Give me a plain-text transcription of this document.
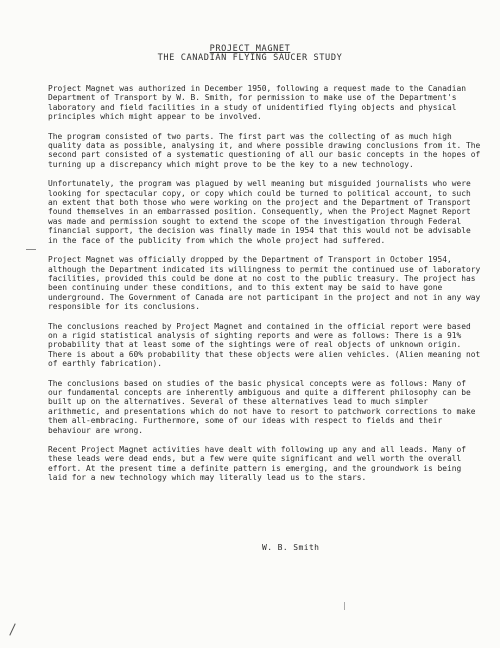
PROJECT MAGNET
THE CANADIAN FLYING SAUCER STUDY

Project Magnet was authorized in December 1950, following a request made to the Canadian Department of Transport by W. B. Smith, for permission to make use of the Department's laboratory and field facilities in a study of unidentified flying objects and physical principles which might appear to be involved.

The program consisted of two parts. The first part was the collecting of as much high quality data as possible, analysing it, and where possible drawing conclusions from it. The second part consisted of a systematic questioning of all our basic concepts in the hopes of turning up a discrepancy which might prove to be the key to a new technology.

Unfortunately, the program was plagued by well meaning but misguided journalists who were looking for spectacular copy, or copy which could be turned to political account, to such an extent that both those who were working on the project and the Department of Transport found themselves in an embarrassed position. Consequently, when the Project Magnet Report was made and permission sought to extend the scope of the investigation through Federal financial support, the decision was finally made in 1954 that this would not be advisable in the face of the publicity from which the whole project had suffered.

Project Magnet was officially dropped by the Department of Transport in October 1954, although the Department indicated its willingness to permit the continued use of laboratory facilities, provided this could be done at no cost to the public treasury. The project has been continuing under these conditions, and to this extent may be said to have gone underground. The Government of Canada are not participant in the project and not in any way responsible for its conclusions.

The conclusions reached by Project Magnet and contained in the official report were based on a rigid statistical analysis of sighting reports and were as follows: There is a 91% probability that at least some of the sightings were of real objects of unknown origin. There is about a 60% probability that these objects were alien vehicles. (Alien meaning not of earthly fabrication).

The conclusions based on studies of the basic physical concepts were as follows: Many of our fundamental concepts are inherently ambiguous and quite a different philosophy can be built up on the alternatives. Several of these alternatives lead to much simpler arithmetic, and presentations which do not have to resort to patchwork corrections to make them all-embracing. Furthermore, some of our ideas with respect to fields and their behaviour are wrong.

Recent Project Magnet activities have dealt with following up any and all leads. Many of these leads were dead ends, but a few were quite significant and well worth the overall effort. At the present time a definite pattern is emerging, and the groundwork is being laid for a new technology which may literally lead us to the stars.

W. B. Smith
